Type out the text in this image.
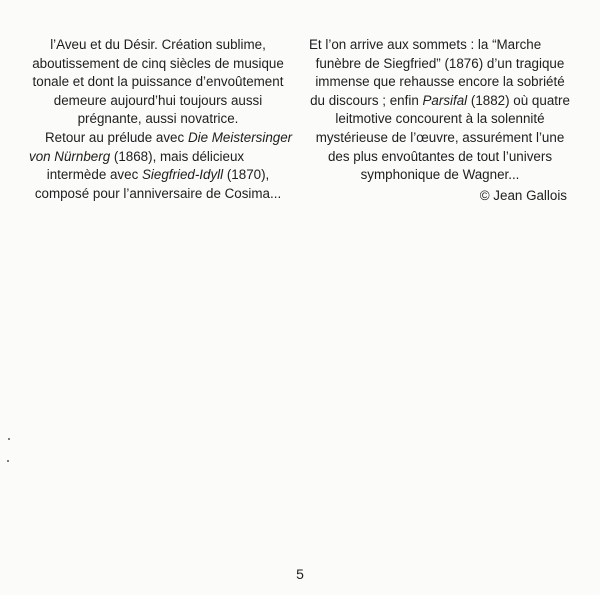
l’Aveu et du Désir. Création sublime,
aboutissement de cinq siècles de musique
tonale et dont la puissance d’envoûtement
demeure aujourd’hui toujours aussi
prégnante, aussi novatrice.
Retour au prélude avec Die Meistersinger
von Nürnberg (1868), mais délicieux
intermède avec Siegfried-Idyll (1870),
composé pour l’anniversaire de Cosima...
Et l’on arrive aux sommets : la “Marche
funèbre de Siegfried” (1876) d’un tragique
immense que rehausse encore la sobriété
du discours ; enfin Parsifal (1882) où quatre
leitmotive concourent à la solennité
mystérieuse de l’œuvre, assurément l’une
des plus envoûtantes de tout l’univers
symphonique de Wagner...
© Jean Gallois
5
